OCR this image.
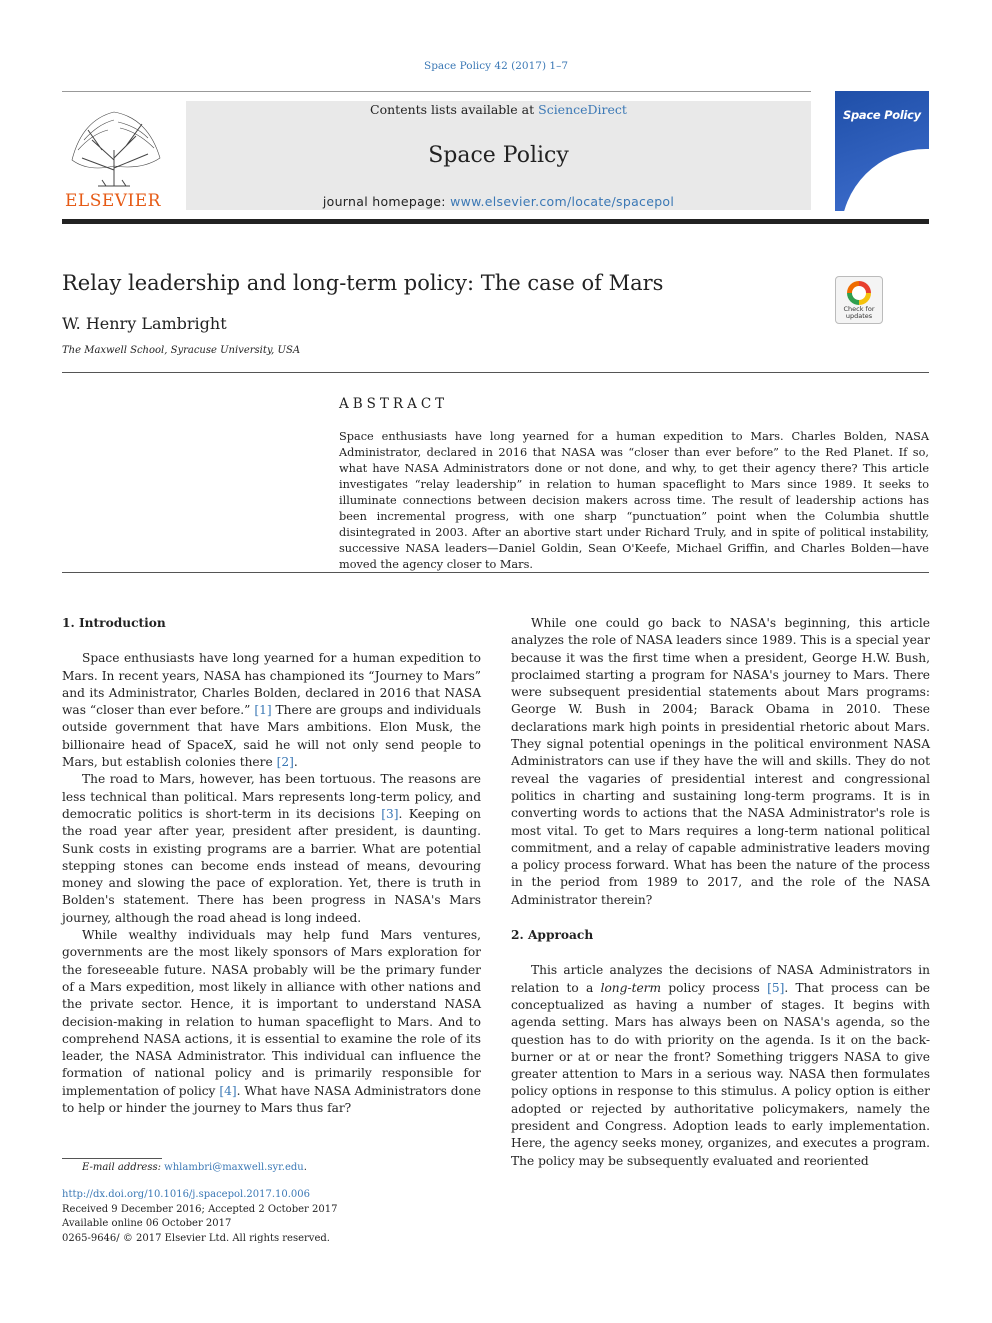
Space Policy 42 (2017) 1–7
ELSEVIER
Contents lists available at ScienceDirect
Space Policy
journal homepage: www.elsevier.com/locate/spacepol
Space Policy
Relay leadership and long-term policy: The case of Mars
Check for updates
W. Henry Lambright
The Maxwell School, Syracuse University, USA
ABSTRACT
Space enthusiasts have long yearned for a human expedition to Mars. Charles Bolden, NASA Administrator, declared in 2016 that NASA was “closer than ever before” to the Red Planet. If so, what have NASA Administrators done or not done, and why, to get their agency there? This article investigates “relay leadership” in relation to human spaceflight to Mars since 1989. It seeks to illuminate connections between decision makers across time. The result of leadership actions has been incremental progress, with one sharp “punctuation” point when the Columbia shuttle disintegrated in 2003. After an abortive start under Richard Truly, and in spite of political instability, successive NASA leaders—Daniel Goldin, Sean O'Keefe, Michael Griffin, and Charles Bolden—have moved the agency closer to Mars.
1. Introduction

Space enthusiasts have long yearned for a human expedition to Mars. In recent years, NASA has championed its “Journey to Mars” and its Administrator, Charles Bolden, declared in 2016 that NASA was “closer than ever before.” [1] There are groups and individuals outside government that have Mars ambitions. Elon Musk, the billionaire head of SpaceX, said he will not only send people to Mars, but establish colonies there [2].

The road to Mars, however, has been tortuous. The reasons are less technical than political. Mars represents long-term policy, and democratic politics is short-term in its decisions [3]. Keeping on the road year after year, president after president, is daunting. Sunk costs in existing programs are a barrier. What are potential stepping stones can become ends instead of means, devouring money and slowing the pace of exploration. Yet, there is truth in Bolden's statement. There has been progress in NASA's Mars journey, although the road ahead is long indeed.

While wealthy individuals may help fund Mars ventures, governments are the most likely sponsors of Mars exploration for the foreseeable future. NASA probably will be the primary funder of a Mars expedition, most likely in alliance with other nations and the private sector. Hence, it is important to understand NASA decision-making in relation to human spaceflight to Mars. And to comprehend NASA actions, it is essential to examine the role of its leader, the NASA Administrator. This individual can influence the formation of national policy and is primarily responsible for implementation of policy [4]. What have NASA Administrators done to help or hinder the journey to Mars thus far?

While one could go back to NASA's beginning, this article analyzes the role of NASA leaders since 1989. This is a special year because it was the first time when a president, George H.W. Bush, proclaimed starting a program for NASA's journey to Mars. There were subsequent presidential statements about Mars programs: George W. Bush in 2004; Barack Obama in 2010. These declarations mark high points in presidential rhetoric about Mars. They signal potential openings in the political environment NASA Administrators can use if they have the will and skills. They do not reveal the vagaries of presidential interest and congressional politics in charting and sustaining long-term programs. It is in converting words to actions that the NASA Administrator's role is most vital. To get to Mars requires a long-term national political commitment, and a relay of capable administrative leaders moving a policy process forward. What has been the nature of the process in the period from 1989 to 2017, and the role of the NASA Administrator therein?

2. Approach

This article analyzes the decisions of NASA Administrators in relation to a long-term policy process [5]. That process can be conceptualized as having a number of stages. It begins with agenda setting. Mars has always been on NASA's agenda, so the question has to do with priority on the agenda. Is it on the back-burner or at or near the front? Something triggers NASA to give greater attention to Mars in a serious way. NASA then formulates policy options in response to this stimulus. A policy option is either adopted or rejected by authoritative policymakers, namely the president and Congress. Adoption leads to early implementation. Here, the agency seeks money, organizes, and executes a program. The policy may be subsequently evaluated and reoriented

E-mail address: whlambri@maxwell.syr.edu.
http://dx.doi.org/10.1016/j.spacepol.2017.10.006
Received 9 December 2016; Accepted 2 October 2017
Available online 06 October 2017
0265-9646/ © 2017 Elsevier Ltd. All rights reserved.
